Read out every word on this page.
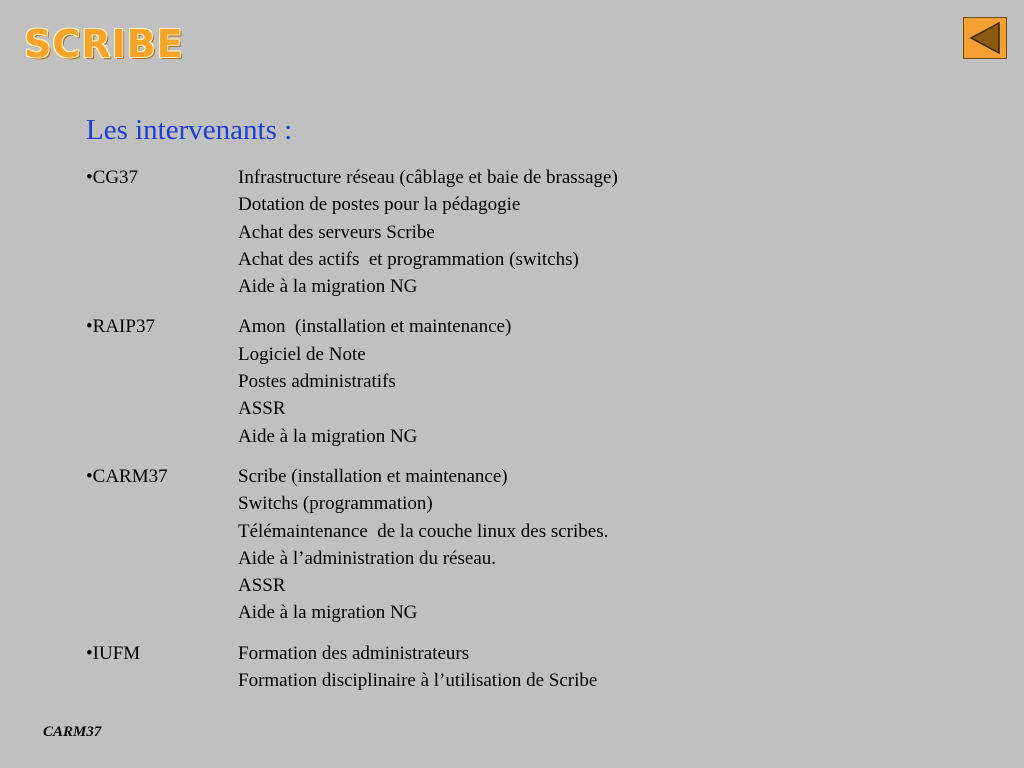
SCRIBE
Les intervenants :
•CG37	Infrastructure réseau (câblage et baie de brassage)
Dotation de postes pour la pédagogie
Achat des serveurs Scribe
Achat des actifs  et programmation (switchs)
Aide à la migration NG
•RAIP37	Amon  (installation et maintenance)
Logiciel de Note
Postes administratifs
ASSR
Aide à la migration NG
•CARM37	Scribe (installation et maintenance)
Switchs (programmation)
Télémaintenance  de la couche linux des scribes.
Aide à l’administration du réseau.
ASSR
Aide à la migration NG
•IUFM	Formation des administrateurs
Formation disciplinaire à l’utilisation de Scribe
CARM37
